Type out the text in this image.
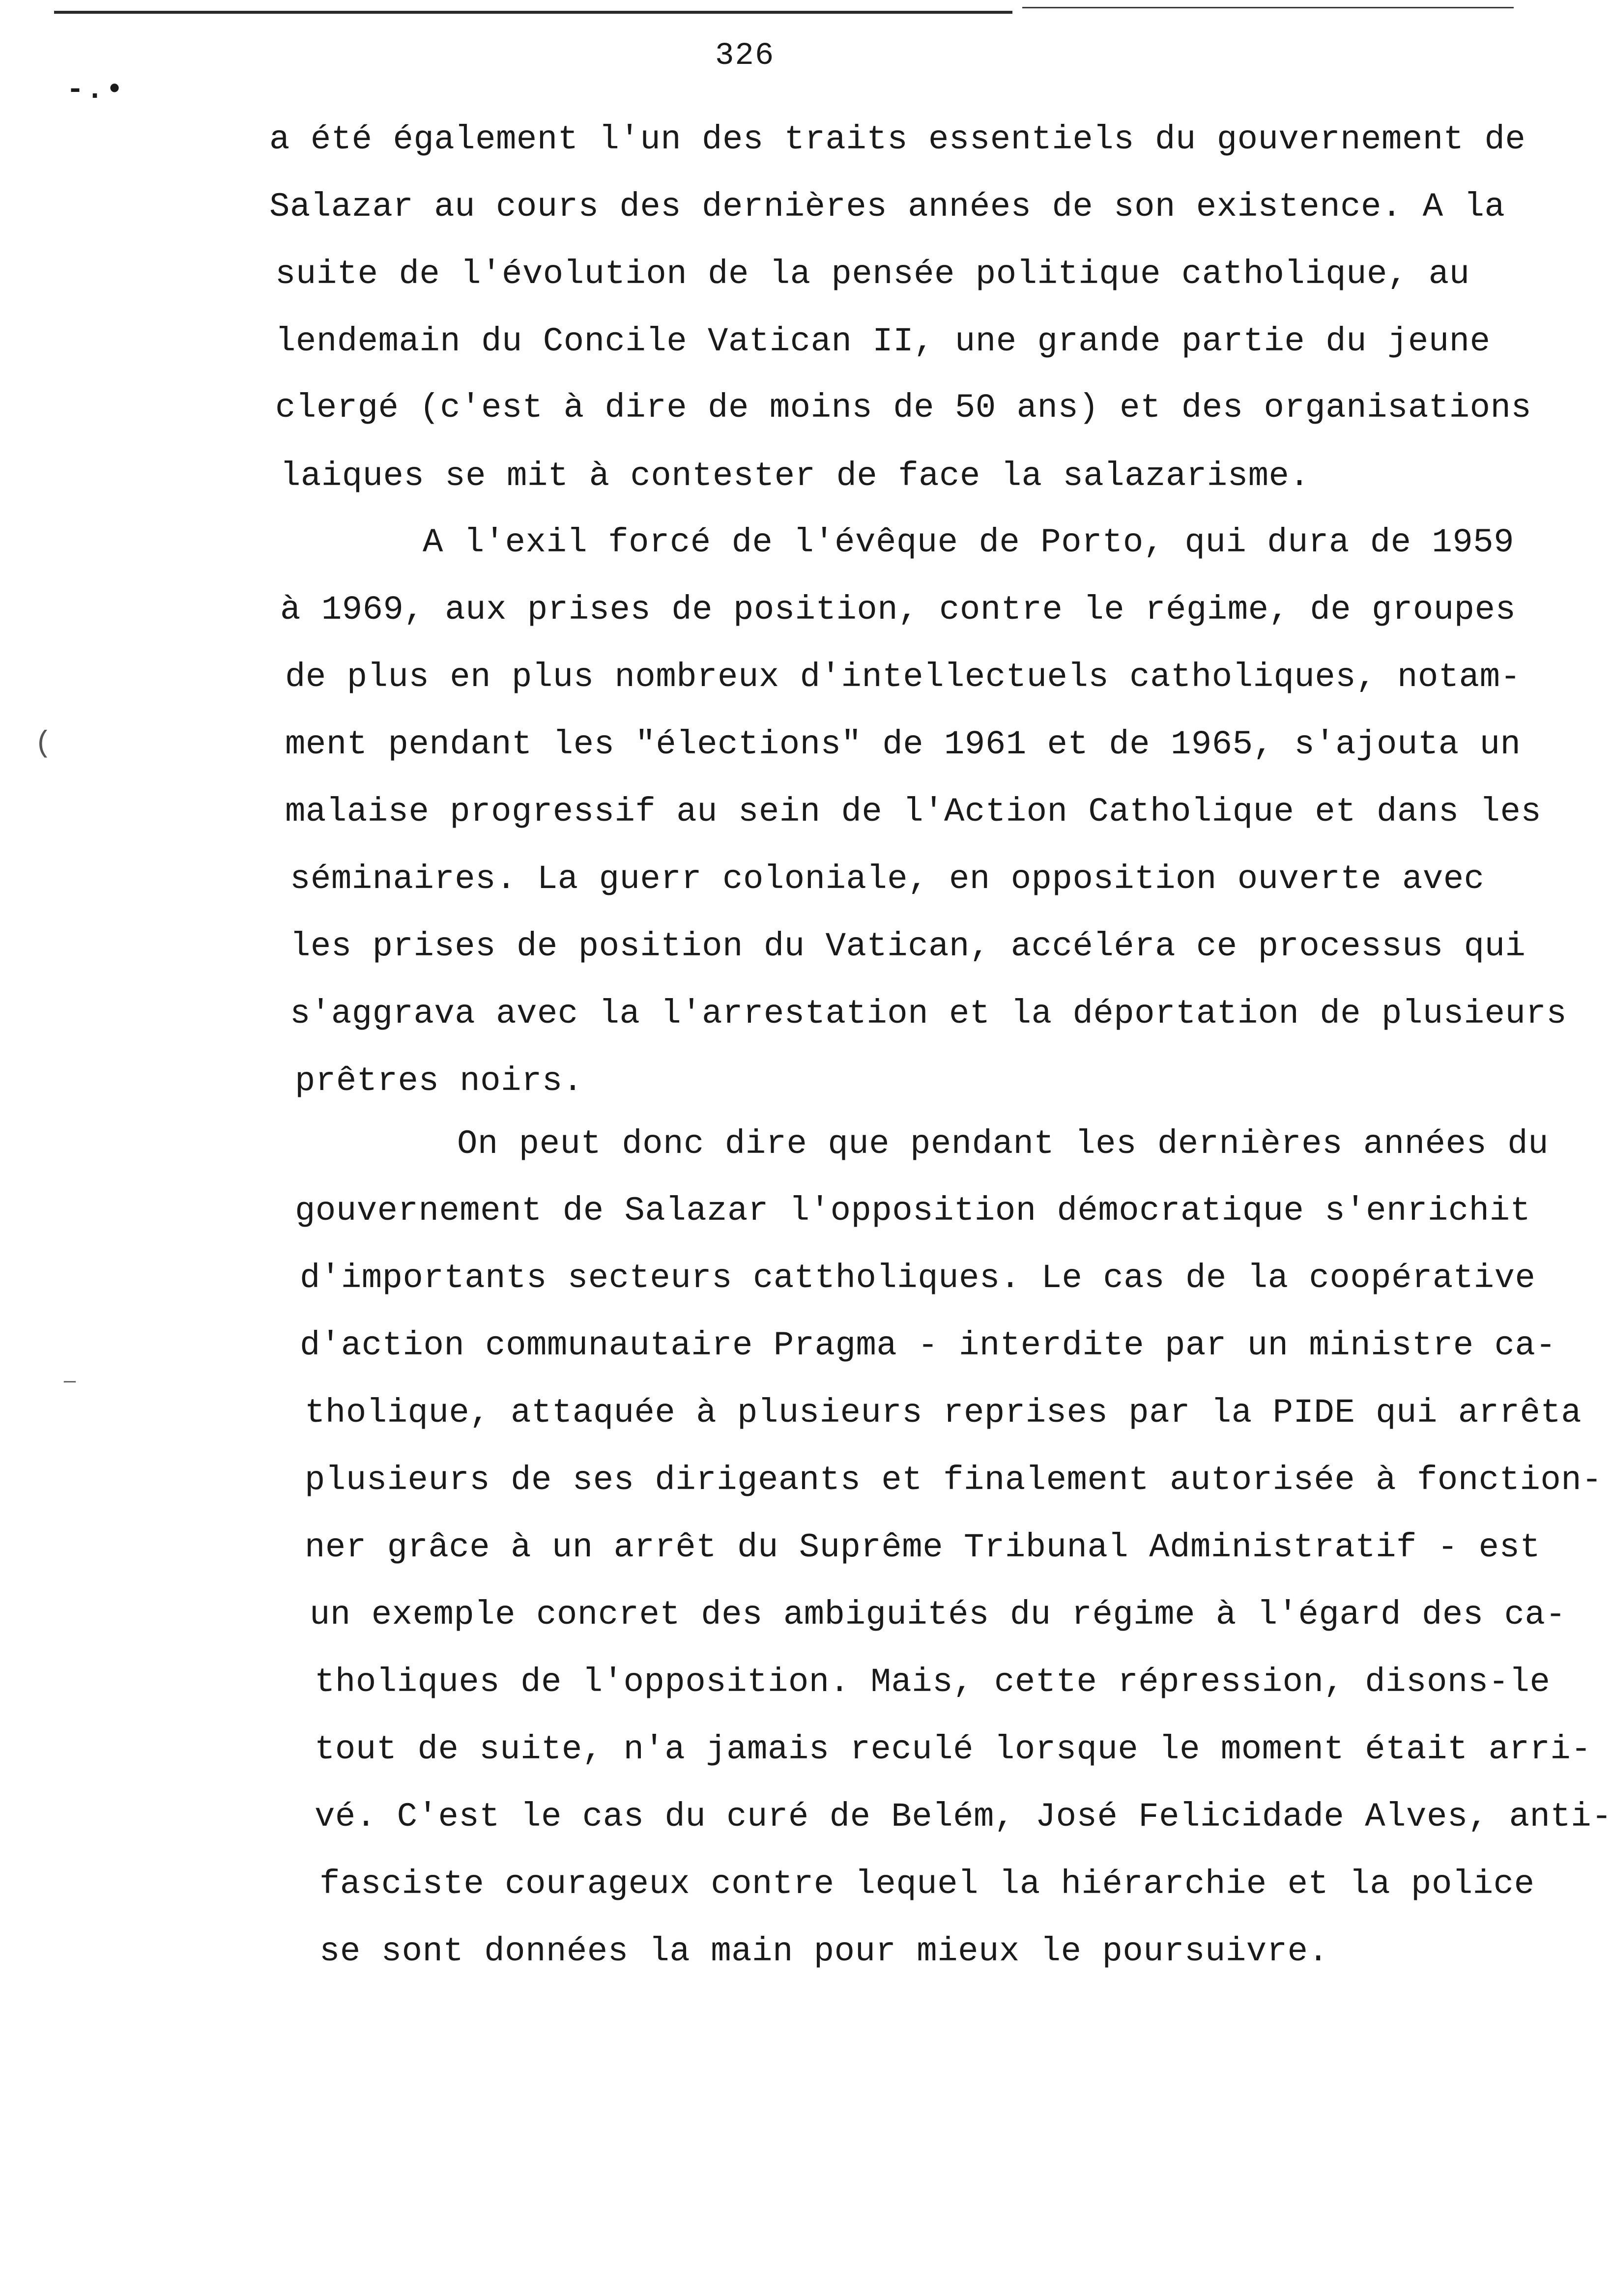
-.•
326
(
—
a été également l'un des traits essentiels du gouvernement de
Salazar au cours des dernières années de son existence. A la
suite de l'évolution de la pensée politique catholique, au
lendemain du Concile Vatican II, une grande partie du jeune
clergé (c'est à dire de moins de 50 ans) et des organisations
laiques se mit à contester de face la salazarisme.
A l'exil forcé de l'évêque de Porto, qui dura de 1959
à 1969, aux prises de position, contre le régime, de groupes
de plus en plus nombreux d'intellectuels catholiques, notam-
ment pendant les "élections" de 1961 et de 1965, s'ajouta un
malaise progressif au sein de l'Action Catholique et dans les
séminaires. La guerr coloniale, en opposition ouverte avec
les prises de position du Vatican, accéléra ce processus qui
s'aggrava avec la l'arrestation et la déportation de plusieurs
prêtres noirs.
On peut donc dire que pendant les dernières années du
gouvernement de Salazar l'opposition démocratique s'enrichit
d'importants secteurs cattholiques. Le cas de la coopérative
d'action communautaire Pragma - interdite par un ministre ca-
tholique, attaquée à plusieurs reprises par la PIDE qui arrêta
plusieurs de ses dirigeants et finalement autorisée à fonction-
ner grâce à un arrêt du Suprême Tribunal Administratif - est
un exemple concret des ambiguités du régime à l'égard des ca-
tholiques de l'opposition. Mais, cette répression, disons-le
tout de suite, n'a jamais reculé lorsque le moment était arri-
vé. C'est le cas du curé de Belém, José Felicidade Alves, anti-
fasciste courageux contre lequel la hiérarchie et la police
se sont données la main pour mieux le poursuivre.
